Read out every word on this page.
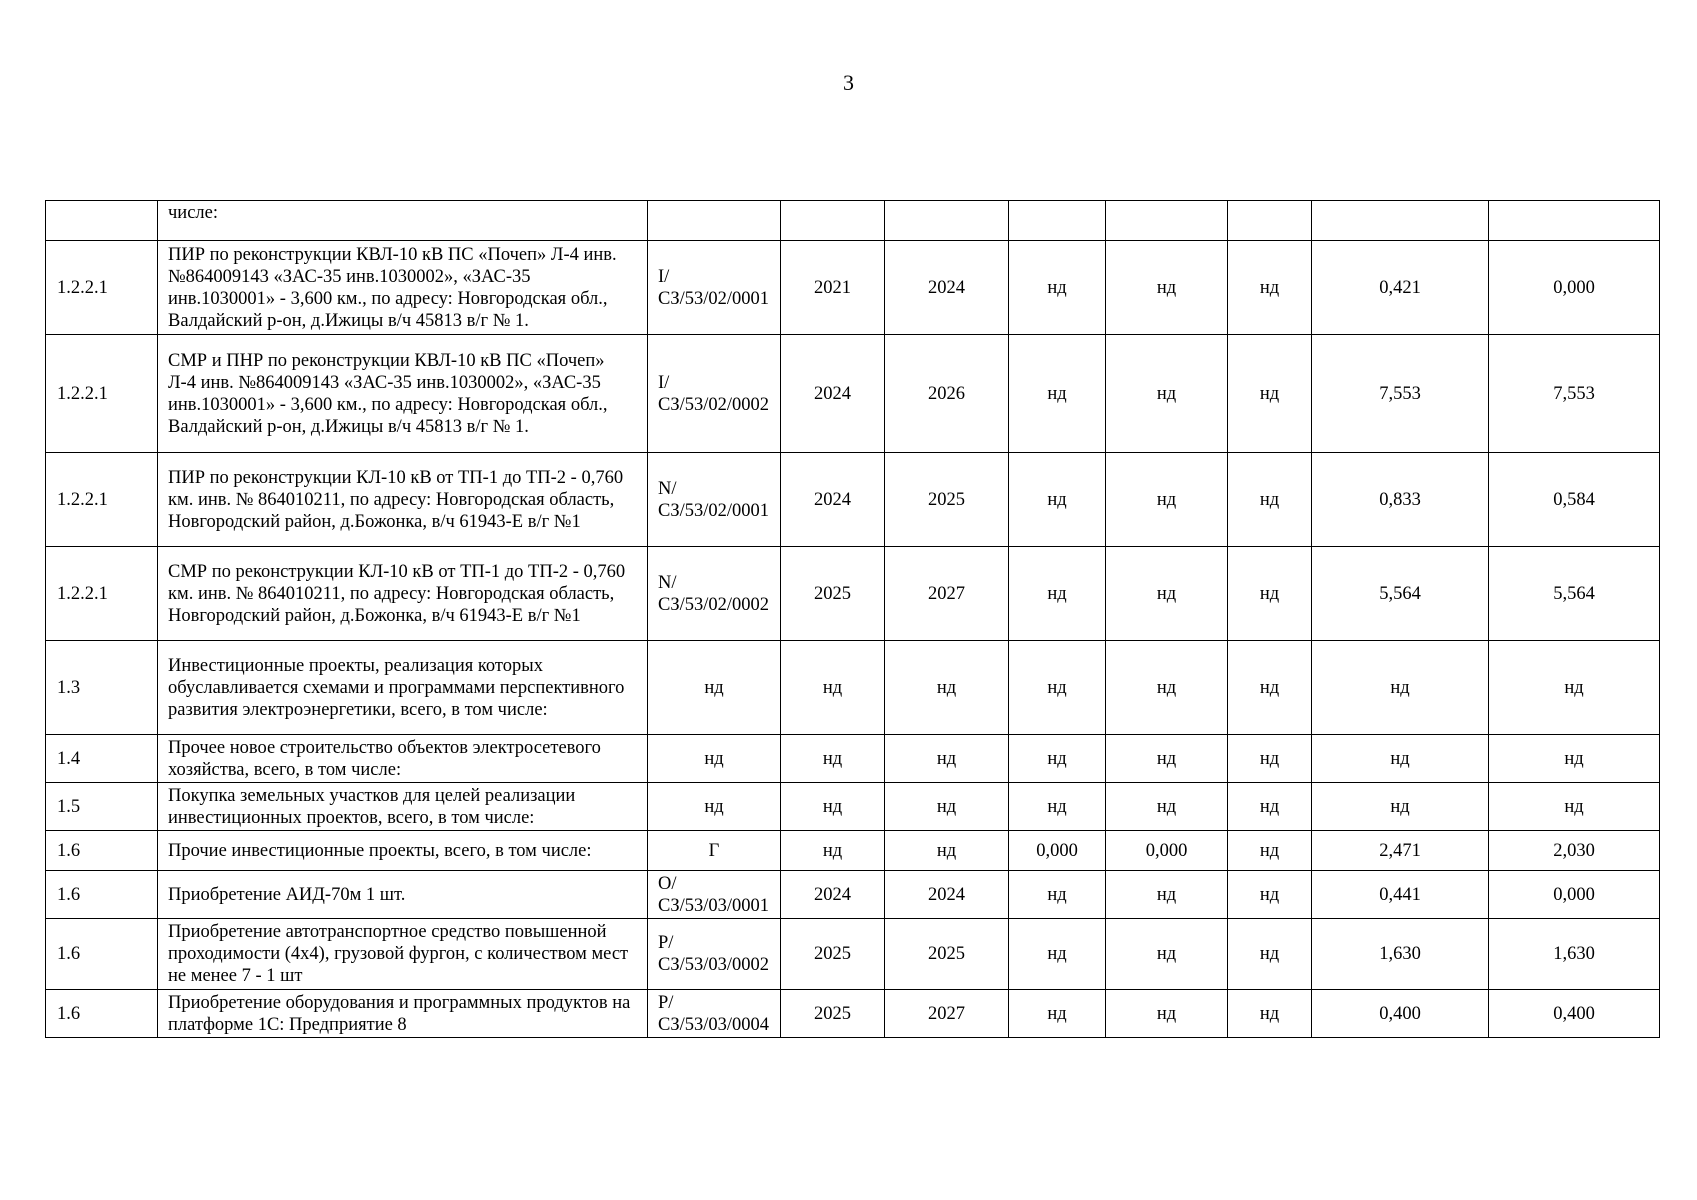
3
	числе:								
1.2.2.1	ПИР по реконструкции КВЛ-10 кВ ПС «Почеп» Л-4 инв. №864009143 «ЗАС-35 инв.1030002», «ЗАС-35 инв.1030001» - 3,600 км., по адресу: Новгородская обл., Валдайский р-он, д.Ижицы в/ч 45813 в/г № 1.	I/СЗ/53/02/0001	2021	2024	нд	нд	нд	0,421	0,000
1.2.2.1	СМР и ПНР по реконструкции КВЛ-10 кВ ПС «Почеп» Л-4 инв. №864009143 «ЗАС-35 инв.1030002», «ЗАС-35 инв.1030001» - 3,600 км., по адресу: Новгородская обл., Валдайский р-он, д.Ижицы в/ч 45813 в/г № 1.	I/СЗ/53/02/0002	2024	2026	нд	нд	нд	7,553	7,553
1.2.2.1	ПИР по реконструкции КЛ-10 кВ от ТП-1 до ТП-2 - 0,760 км. инв. № 864010211, по адресу: Новгородская область, Новгородский район, д.Божонка, в/ч 61943-Е в/г №1	N/СЗ/53/02/0001	2024	2025	нд	нд	нд	0,833	0,584
1.2.2.1	СМР по реконструкции КЛ-10 кВ от ТП-1 до ТП-2 - 0,760 км. инв. № 864010211, по адресу: Новгородская область, Новгородский район, д.Божонка, в/ч 61943-Е в/г №1	N/СЗ/53/02/0002	2025	2027	нд	нд	нд	5,564	5,564
1.3	Инвестиционные проекты, реализация которых обуславливается схемами и программами перспективного развития электроэнергетики, всего, в том числе:	нд	нд	нд	нд	нд	нд	нд	нд
1.4	Прочее новое строительство объектов электросетевого хозяйства, всего, в том числе:	нд	нд	нд	нд	нд	нд	нд	нд
1.5	Покупка земельных участков для целей реализации инвестиционных проектов, всего, в том числе:	нд	нд	нд	нд	нд	нд	нд	нд
1.6	Прочие инвестиционные проекты, всего, в том числе:	Г	нд	нд	0,000	0,000	нд	2,471	2,030
1.6	Приобретение АИД-70м 1 шт.	О/СЗ/53/03/0001	2024	2024	нд	нд	нд	0,441	0,000
1.6	Приобретение автотранспортное средство повышенной проходимости (4х4), грузовой фургон, с количеством мест не менее 7 - 1 шт	Р/СЗ/53/03/0002	2025	2025	нд	нд	нд	1,630	1,630
1.6	Приобретение оборудования и программных продуктов на платформе 1С: Предприятие 8	Р/СЗ/53/03/0004	2025	2027	нд	нд	нд	0,400	0,400
